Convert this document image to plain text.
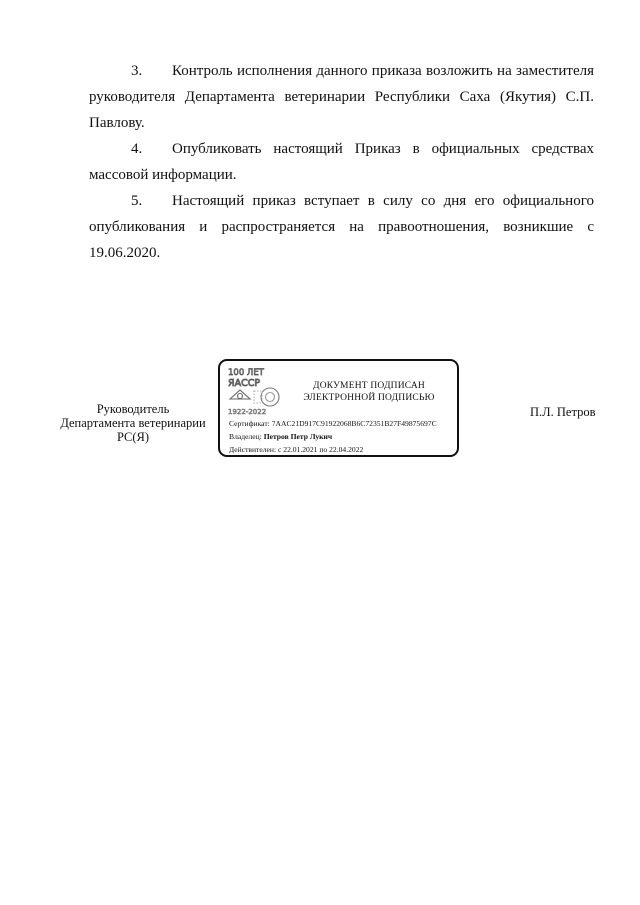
3. Контроль исполнения данного приказа возложить на заместителя руководителя Департамента ветеринарии Республики Саха (Якутия) С.П. Павлову.

4. Опубликовать настоящий Приказ в официальных средствах массовой информации.

5. Настоящий приказ вступает в силу со дня его официального опубликования и распространяется на правоотношения, возникшие с 19.06.2020.

Руководитель Департамента ветеринарии РС(Я)
100 ЛЕТ
ЯАССР
1922-2022
ДОКУМЕНТ ПОДПИСАН
ЭЛЕКТРОННОЙ ПОДПИСЬЮ
Сертификат: 7AAC21D917C91922068B6C72351B27F49875697C
Владелец: Петров Петр Лукич
Действителен: с 22.01.2021 по 22.04.2022
П.Л. Петров
